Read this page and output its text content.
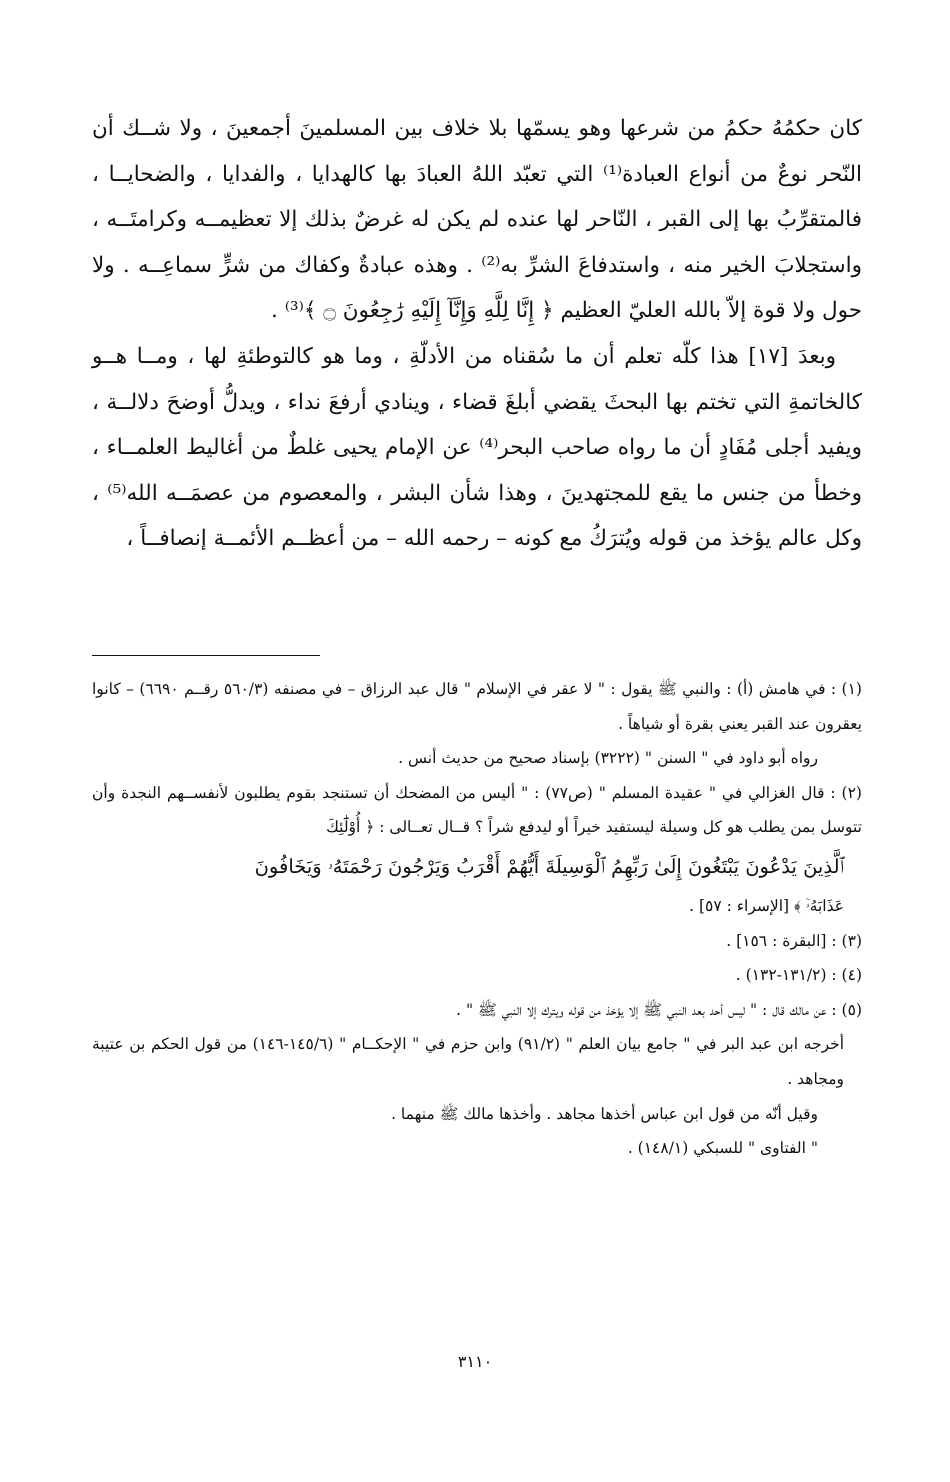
كان حكمُهُ حكمُ من شرعها وهو يسمّها بلا خلاف بين المسلمينَ أجمعينَ ، ولا شــك أن النّحر نوعٌ من أنواع العبادة⁽¹⁾ التي تعبّد اللهُ العبادَ بها كالهدايا ، والفدايا ، والضحايــا ، فالمتقرِّبُ بها إلى القبر ، النّاحر لها عنده لم يكن له غرضٌ بذلك إلا تعظيمــه وكرامتَــه ، واستجلابَ الخير منه ، واستدفاعَ الشرِّ به⁽²⁾ . وهذه عبادةٌ وكفاك من شرٍّ سماعِــه . ولا حول ولا قوة إلاّ بالله العليّ العظيم ﴿ إِنَّا لِلَّهِ وَإِنَّآ إِلَيْهِ رَٰجِعُونَ ۝ ﴾⁽³⁾ .

وبعدَ [١٧] هذا كلّه تعلم أن ما سُقناه من الأدلّةِ ، وما هو كالتوطئةِ لها ، ومــا هــو كالخاتمةِ التي تختم بها البحثَ يقضي أبلغَ قضاء ، وينادي أرفعَ نداء ، ويدلُّ أوضحَ دلالــة ، ويفيد أجلى مُفَادٍ أن ما رواه صاحب البحر⁽⁴⁾ عن الإمام يحيى غلطٌ من أغاليط العلمــاء ، وخطأ من جنس ما يقع للمجتهدينَ ، وهذا شأن البشر ، والمعصوم من عصمَــه الله⁽⁵⁾ ، وكل عالم يؤخذ من قوله ويُترَكُ مع كونه – رحمه الله – من أعظــم الأئمــة إنصافــاً ،

(١) : في هامش (أ) : والنبي ﷺ يقول : " لا عقر في الإسلام " قال عبد الرزاق – في مصنفه (٥٦٠/٣ رقــم ٦٦٩٠) – كانوا يعقرون عند القبر يعني بقرة أو شياهاً .

رواه أبو داود في " السنن " (٣٢٢٢) بإسناد صحيح من حديث أنس .

(٢) : قال الغزالي في " عقيدة المسلم " (ص٧٧) : " أليس من المضحك أن تستنجد بقوم يطلبون لأنفســهم النجدة وأن تتوسل بمن يطلب هو كل وسيلة ليستفيد خيراً أو ليدفع شراً ؟ قــال تعــالى : ﴿ أُوْلَٰٓئِكَ

ٱلَّذِينَ يَدْعُونَ يَبْتَغُونَ إِلَىٰ رَبِّهِمُ ٱلْوَسِيلَةَ أَيُّهُمْ أَقْرَبُ وَيَرْجُونَ رَحْمَتَهُۥ وَيَخَافُونَ

عَذَابَهُۥٓ ﴾ [الإسراء : ٥٧] .

(٣) : [البقرة : ١٥٦] .

(٤) : (١٣١/٢-١٣٢) .

(٥) : عن مالك قال : " ليس أحد بعد النبي ﷺ إلا يؤخذ من قوله ويترك إلا النبي ﷺ " .

أخرجه ابن عبد البر في " جامع بيان العلم " (٩١/٢) وابن حزم في " الإحكــام " (١٤٥/٦-١٤٦) من قول الحكم بن عتيبة ومجاهد .

وقيل أنّه من قول ابن عباس أخذها مجاهد . وأخذها مالك ﷺ منهما .

" الفتاوى " للسبكي (١٤٨/١) .

٣١١٠
